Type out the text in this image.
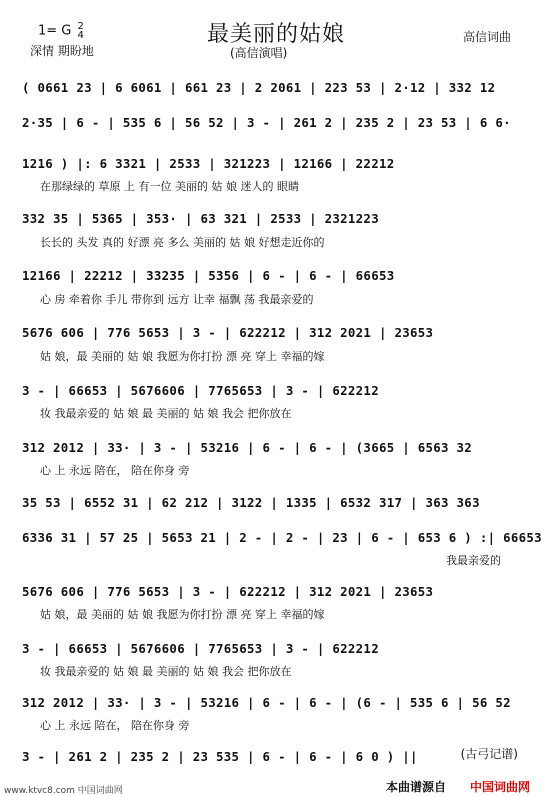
最美丽的姑娘
1= G 2
4
深情 期盼地
高信词曲
(高信演唱)
( 0661 23 | 6 6061 | 661 23 | 2 2061 | 223 53 | 2·12 | 332 12
2·35 | 6 - | 535 6 | 56 52 | 3 - | 261 2 | 235 2 | 23 53 | 6 6·
1216 ) |: 6 3321 | 2533 | 321223 | 12166 | 22212
在那绿绿的 草原 上 有一位 美丽的 姑 娘 迷人的 眼睛
332 35 | 5365 | 353· | 63 321 | 2533 | 2321223
长长的 头发 真的 好漂 亮 多么 美丽的 姑 娘 好想走近你的
12166 | 22212 | 33235 | 5356 | 6 - | 6 - | 66653
心 房 牵着你 手儿 带你到 远方 让幸 福飘 荡 我最亲爱的
5676 606 | 776 5653 | 3 - | 622212 | 312 2021 | 23653
姑 娘，最 美丽的 姑 娘 我愿为你打扮 漂 亮 穿上 幸福的嫁
3 - | 66653 | 5676606 | 7765653 | 3 - | 622212
妆 我最亲爱的 姑 娘 最 美丽的 姑 娘 我会 把你放在
312 2012 | 33· | 3 - | 53216 | 6 - | 6 - | (3665 | 6563 32
心 上 永远 陪在， 陪在你身 旁
35 53 | 6552 31 | 62 212 | 3122 | 1335 | 6532 317 | 363 363
6336 31 | 57 25 | 5653 21 | 2 - | 2 - | 23 | 6 - | 653 6 ) :| 66653
我最亲爱的
5676 606 | 776 5653 | 3 - | 622212 | 312 2021 | 23653
姑 娘，最 美丽的 姑 娘 我愿为你打扮 漂 亮 穿上 幸福的嫁
3 - | 66653 | 5676606 | 7765653 | 3 - | 622212
妆 我最亲爱的 姑 娘 最 美丽的 姑 娘 我会 把你放在
312 2012 | 33· | 3 - | 53216 | 6 - | 6 - | (6 - | 535 6 | 56 52
心 上 永远 陪在， 陪在你身 旁
3 - | 261 2 | 235 2 | 23 535 | 6 - | 6 - | 6 0 ) ||	(古弓记谱)
www.ktvc8.com 中国词曲网	本曲谱源自 中国词曲网
